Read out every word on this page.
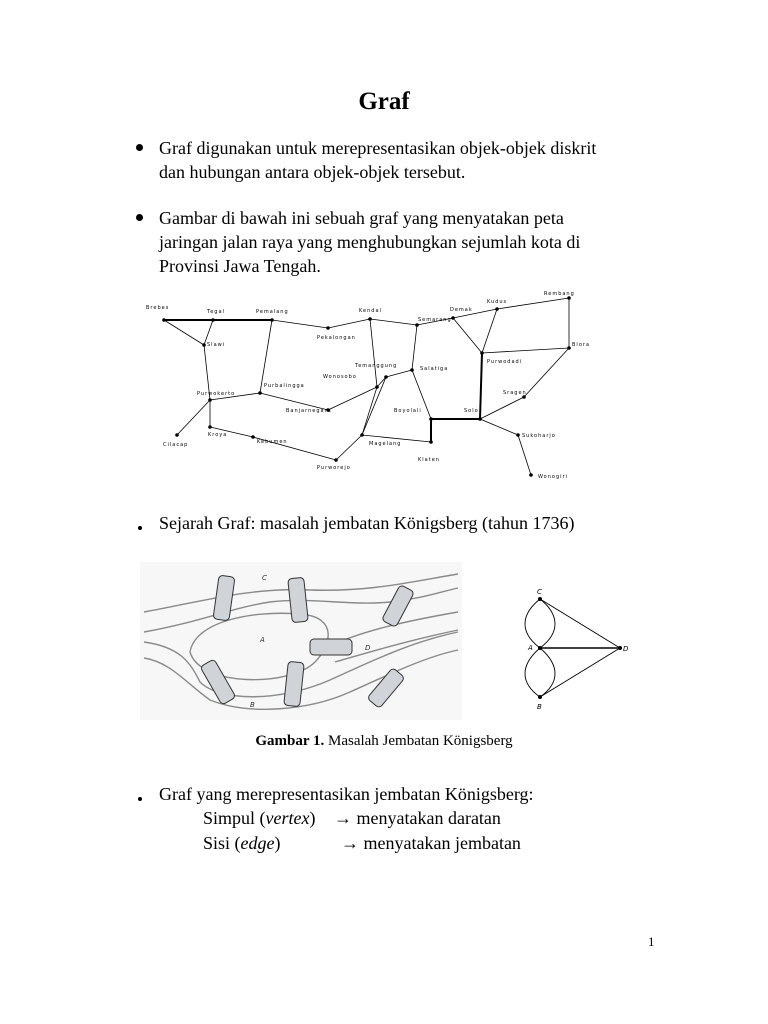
Graf
Graf digunakan untuk merepresentasikan objek-objek diskrit
dan hubungan antara objek-objek tersebut.
Gambar di bawah ini sebuah graf yang menyatakan peta
jaringan jalan raya yang menghubungkan sejumlah kota di
Provinsi Jawa Tengah.
Brebes
Tegal	Pemalang
Pekalongan
Kendal
Semarang
Demak
Kudus
Rembang
Blora
Purwodadi
Slawi
Purwokerto
Purbalingga
Banjarnegara
Wonosobo
Temanggung	Salatiga
Boyolali	Solo
Sragen
Sukoharjo
Wonogiri
Klaten
Magelang
Purworejo
Kebumen
Kroya
Cilacap
Sejarah Graf: masalah jembatan Königsberg (tahun 1736)
C
A
D
B
C
A	D
B
Gambar 1. Masalah Jembatan Königsberg
Graf yang merepresentasikan jembatan Königsberg:
Simpul (vertex) → menyatakan daratan
Sisi (edge)	→ menyatakan jembatan
1
